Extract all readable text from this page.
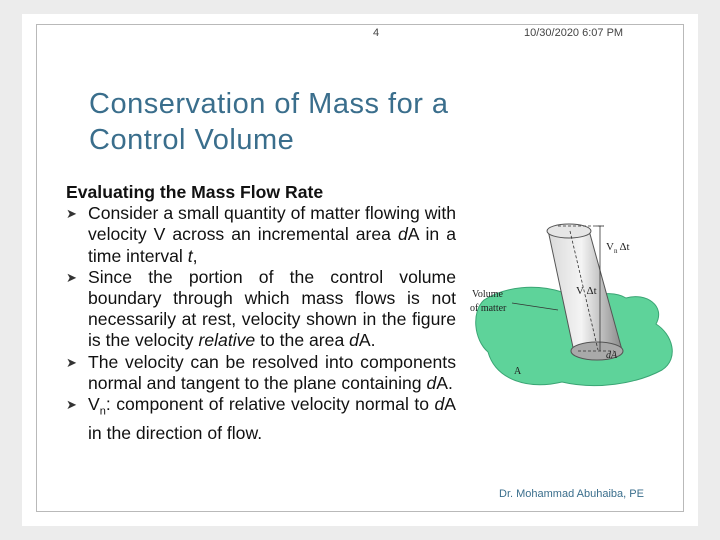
4	10/30/2020 6:07 PM
Conservation of Mass for a
Control Volume
Evaluating the Mass Flow Rate
➤ Consider a small quantity of matter flowing with velocity V across an incremental area dA in a time interval t,
➤ Since the portion of the control volume boundary through which mass flows is not necessarily at rest, velocity shown in the figure is the velocity relative to the area dA.
➤ The velocity can be resolved into components normal and tangent to the plane containing dA.
➤ $V_n$: component of relative velocity normal to dA in the direction of flow.
Volume
of matter
$V_n$ Δt
V Δt
dA
A
Dr. Mohammad Abuhaiba, PE
